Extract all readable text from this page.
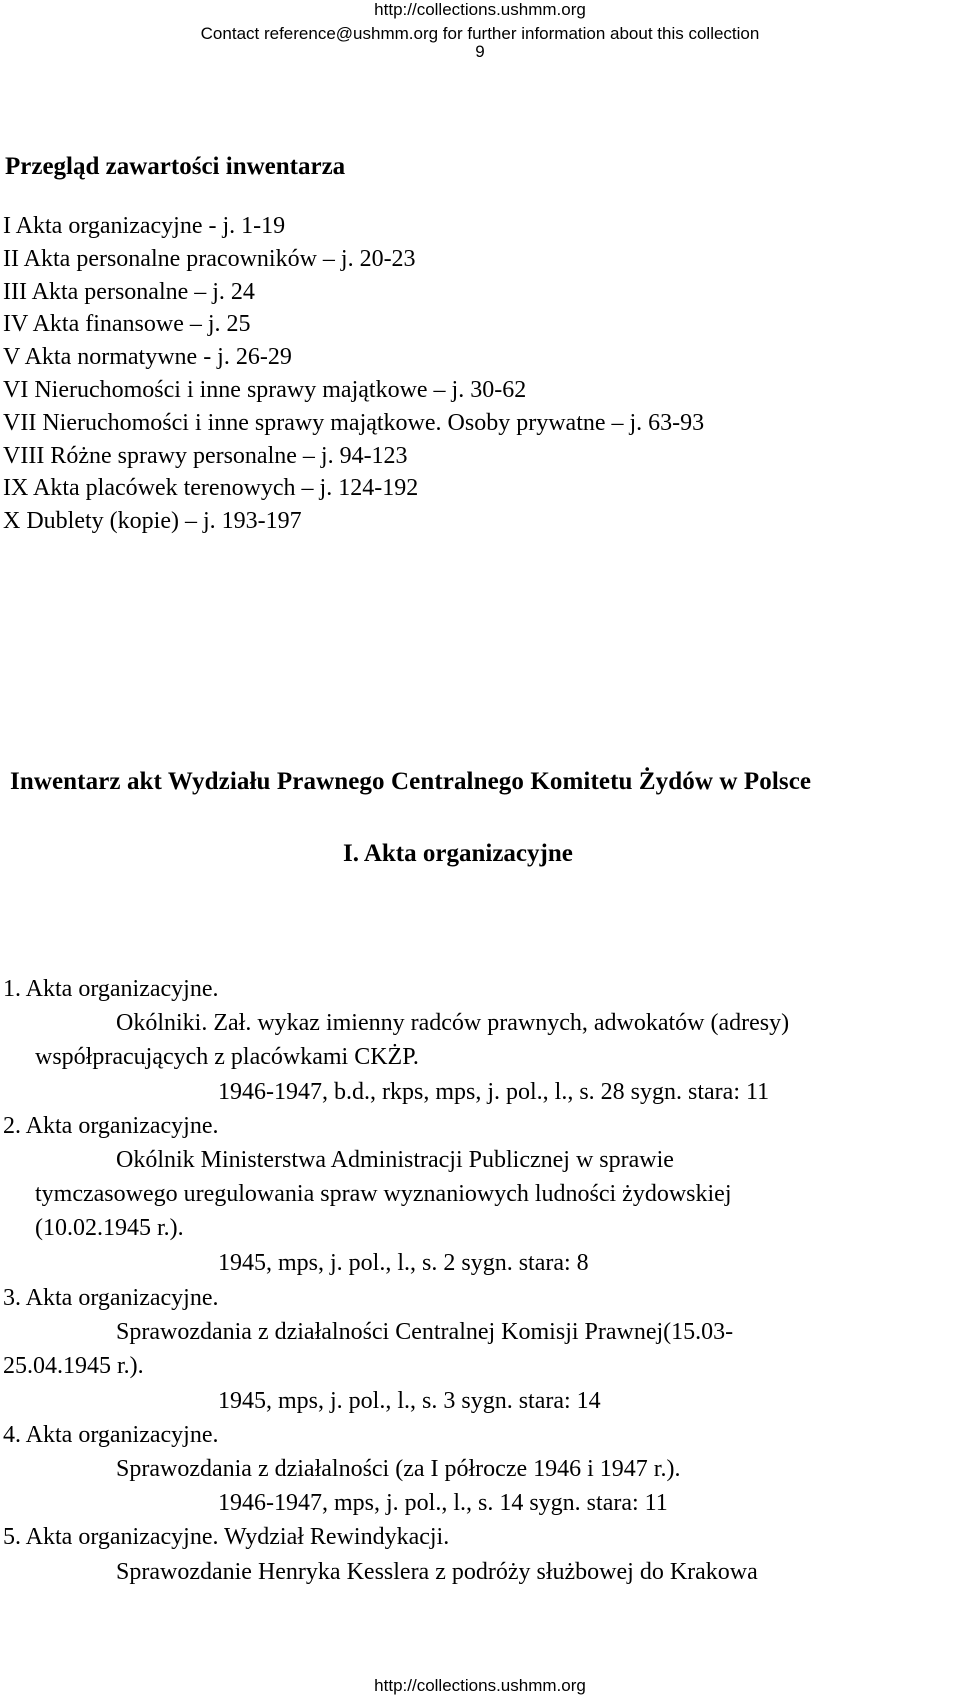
http://collections.ushmm.org
Contact reference@ushmm.org for further information about this collection
9
Przegląd zawartości inwentarza
I Akta organizacyjne - j. 1-19
II Akta personalne pracowników – j. 20-23
III Akta personalne – j. 24
IV Akta finansowe – j. 25
V Akta normatywne - j. 26-29
VI Nieruchomości i inne sprawy majątkowe – j. 30-62
VII Nieruchomości i inne sprawy majątkowe. Osoby prywatne – j. 63-93
VIII Różne sprawy personalne – j. 94-123
IX Akta placówek terenowych – j. 124-192
X Dublety (kopie) – j. 193-197
Inwentarz akt Wydziału Prawnego Centralnego Komitetu Żydów w Polsce
I. Akta organizacyjne
1. Akta organizacyjne.
Okólniki. Zał. wykaz imienny radców prawnych, adwokatów (adresy)
współpracujących z placówkami CKŻP.
1946-1947, b.d., rkps, mps, j. pol., l., s. 28 sygn. stara: 11
2. Akta organizacyjne.
Okólnik Ministerstwa Administracji Publicznej w sprawie
tymczasowego uregulowania spraw wyznaniowych ludności żydowskiej
(10.02.1945 r.).
1945, mps, j. pol., l., s. 2 sygn. stara: 8
3. Akta organizacyjne.
Sprawozdania z działalności Centralnej Komisji Prawnej(15.03-
25.04.1945 r.).
1945, mps, j. pol., l., s. 3 sygn. stara: 14
4. Akta organizacyjne.
Sprawozdania z działalności (za I półrocze 1946 i 1947 r.).
1946-1947, mps, j. pol., l., s. 14 sygn. stara: 11
5. Akta organizacyjne. Wydział Rewindykacji.
Sprawozdanie Henryka Kesslera z podróży służbowej do Krakowa
http://collections.ushmm.org
